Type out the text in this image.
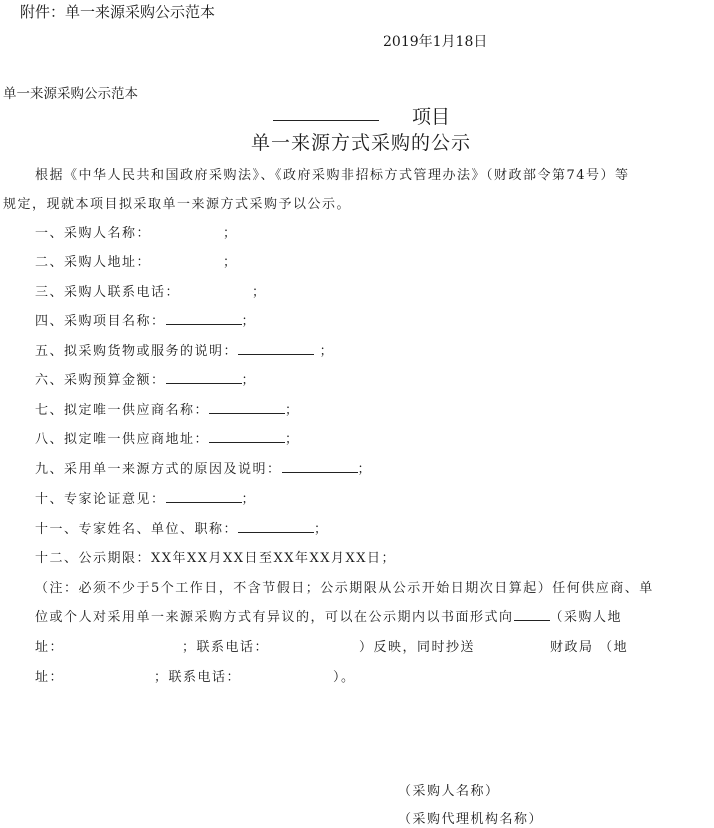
附件：单一来源采购公示范本
2019年1月18日
单一来源采购公示范本
项目
单一来源方式采购的公示
根据《中华人民共和国政府采购法》、《政府采购非招标方式管理办法》（财政部令第74号）等
规定，现就本项目拟采取单一来源方式采购予以公示。
一、采购人名称：	；
二、采购人地址：	；
三、采购人联系电话：	；
四、采购项目名称：	；
五、拟采购货物或服务的说明：	；
六、采购预算金额：	；
七、拟定唯一供应商名称：	；
八、拟定唯一供应商地址：	；
九、采用单一来源方式的原因及说明：	；
十、专家论证意见：	；
十一、专家姓名、单位、职称：	；
十二、公示期限：XX年XX月XX日至XX年XX月XX日；
（注：必须不少于5个工作日，不含节假日；公示期限从公示开始日期次日算起）任何供应商、单
位或个人对采用单一来源采购方式有异议的，可以在公示期内以书面形式向	（采购人地
址：	；联系电话：	）反映，同时抄送	财政局 （地
址：	；联系电话：	）。
（采购人名称）
（采购代理机构名称）
